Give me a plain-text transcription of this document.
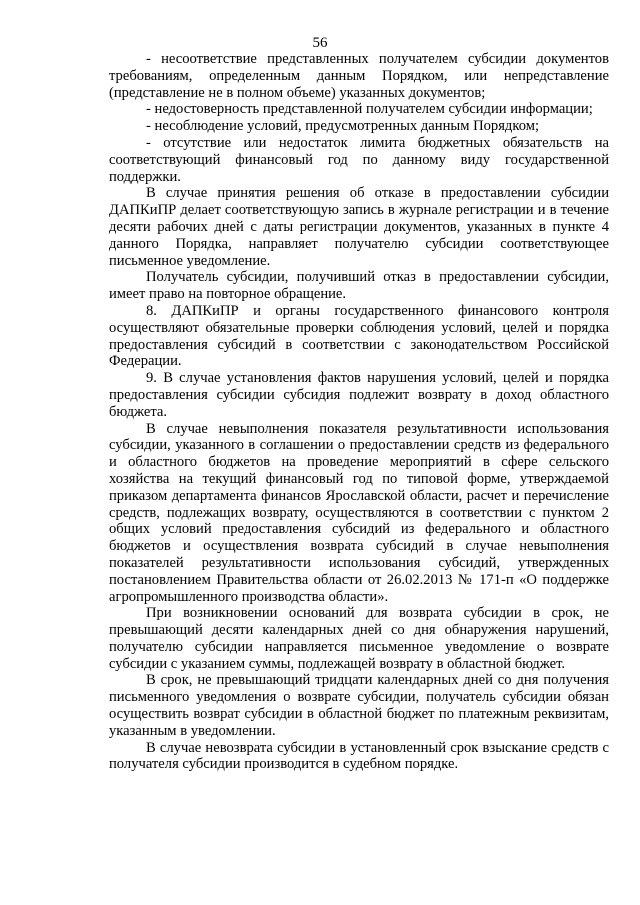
56

- несоответствие представленных получателем субсидии документов требованиям, определенным данным Порядком, или непредставление (представление не в полном объеме) указанных документов;

- недостоверность представленной получателем субсидии информации;

- несоблюдение условий, предусмотренных данным Порядком;

- отсутствие или недостаток лимита бюджетных обязательств на соответствующий финансовый год по данному виду государственной поддержки.

В случае принятия решения об отказе в предоставлении субсидии ДАПКиПР делает соответствующую запись в журнале регистрации и в течение десяти рабочих дней с даты регистрации документов, указанных в пункте 4 данного Порядка, направляет получателю субсидии соответствующее письменное уведомление.

Получатель субсидии, получивший отказ в предоставлении субсидии, имеет право на повторное обращение.

8. ДАПКиПР и органы государственного финансового контроля осуществляют обязательные проверки соблюдения условий, целей и порядка предоставления субсидий в соответствии с законодательством Российской Федерации.

9. В случае установления фактов нарушения условий, целей и порядка предоставления субсидии субсидия подлежит возврату в доход областного бюджета.

В случае невыполнения показателя результативности использования субсидии, указанного в соглашении о предоставлении средств из федерального и областного бюджетов на проведение мероприятий в сфере сельского хозяйства на текущий финансовый год по типовой форме, утверждаемой приказом департамента финансов Ярославской области, расчет и перечисление средств, подлежащих возврату, осуществляются в соответствии с пунктом 2 общих условий предоставления субсидий из федерального и областного бюджетов и осуществления возврата субсидий в случае невыполнения показателей результативности использования субсидий, утвержденных постановлением Правительства области от 26.02.2013 № 171-п «О поддержке агропромышленного производства области».

При возникновении оснований для возврата субсидии в срок, не превышающий десяти календарных дней со дня обнаружения нарушений, получателю субсидии направляется письменное уведомление о возврате субсидии с указанием суммы, подлежащей возврату в областной бюджет.

В срок, не превышающий тридцати календарных дней со дня получения письменного уведомления о возврате субсидии, получатель субсидии обязан осуществить возврат субсидии в областной бюджет по платежным реквизитам, указанным в уведомлении.

В случае невозврата субсидии в установленный срок взыскание средств с получателя субсидии производится в судебном порядке.
